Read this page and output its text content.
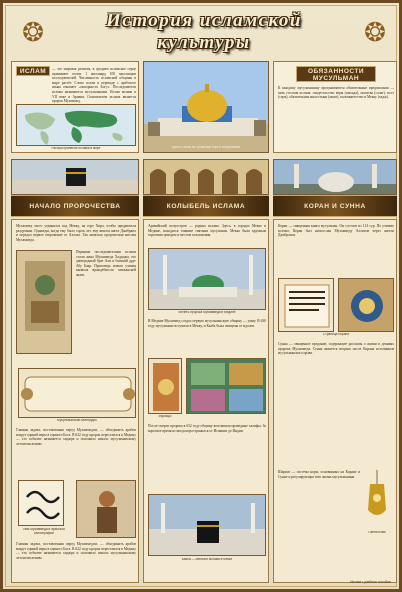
❂	❂
История исламской
культуры
ИСЛАМ	— это мировая религия, в среднем исламское серце принимает почти 1 миллиард 100 миллионов последователей. Численность исламской общины в мире растёт. Слово ислам в переводе с арабского языка означает «покорность Богу». Последователи ислама называются мусульманами. Ислам возник в VII веке в Аравии. Основателем ислама является пророк Мухаммед.
Распространение ислама в мире	Купол Скалы на Храмовой горе в Иерусалиме
ОБЯЗАННОСТИ МУСУЛЬМАН
К каждому мусульманину предъявляются обязательные предписания — пять столпов ислама: свидетельство веры (шахада), молитва (салат), пост (саум), обязательная милостыня (закят), паломничество в Мекку (хадж).
НАЧАЛО ПРОРОЧЕСТВА	КОЛЫБЕЛЬ ИСЛАМА	КОРАН И СУННА
Мухаммед часто уединялся под Мекку, на горе Хира, чтобы предаваться раздумьям. Однажды, когда ему было сорок лет, ему явился ангел Джабраил и передал первое откровение от Аллаха. Так началась пророческая миссия Мухаммеда.
Первыми последователями ислама стали жена Мухаммеда Хадиджа, его двоюродный брат Али и близкий друг Абу Бакр. Проповедь нового учения вызвала враждебность мекканской знати.
Мусульманский календарь
Главная задача, поставленная перед Мухаммедом, — объединить арабов вокруг единой веры в единого Бога. В 622 году пророк переселился в Медину — это событие называется хиджра и положило начало мусульманскому летоисчислению.
Имя Мухаммеда в арабской каллиграфии
Главная задача, поставленная перед Мухаммедом, — объединить арабов вокруг единой веры в единого Бога. В 622 году пророк переселился в Медину — это событие называется хиджра и положило начало мусульманскому летоисчислению.
Аравийский полуостров — родина ислама. Здесь, в городах Мекке и Медине, находятся главные святыни мусульман. Мекка была крупным торговым центром и местом поклонения.
Мечеть пророка Мухаммеда в Медине
В Медине Мухаммед создал первую мусульманскую общину — умму. В 630 году мусульмане вступили в Мекку, и Кааба была очищена от идолов.
Изразцы
После смерти пророка в 632 году общину возглавили праведные халифы. За короткое время ислам распространился от Испании до Индии.
Кааба — святыня ислама в Мекке
Коран — священная книга мусульман. Он состоит из 114 сур. По учению ислама, Коран был ниспослан Мухаммеду Аллахом через ангела Джабраила.
Страница Корана
Сунна — священное предание, содержащее рассказы о жизни и деяниях пророка Мухаммеда. Сунна является вторым после Корана источником мусульманского права.
Шариат — система норм, основанных на Коране и Сунне и регулирующих всю жизнь мусульманина.
Светильник
Истоки • учебное пособие
